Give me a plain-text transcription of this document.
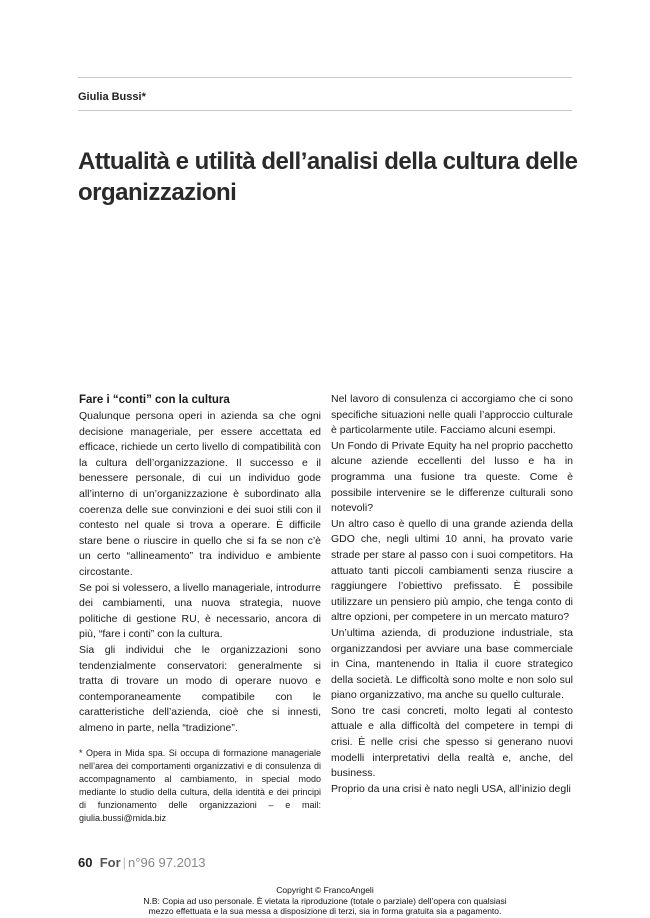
Giulia Bussi*
Attualità e utilità dell’analisi della cultura delle organizzazioni
Fare i “conti” con la cultura

Qualunque persona operi in azienda sa che ogni decisione manageriale, per essere accettata ed efficace, richiede un certo livello di compatibilità con la cultura dell’organizzazione. Il successo e il benessere personale, di cui un individuo gode all’interno di un’organizzazione è subordinato alla coerenza delle sue convinzioni e dei suoi stili con il contesto nel quale si trova a operare. È difficile stare bene o riuscire in quello che si fa se non c’è un certo “allineamento” tra individuo e ambiente circostante.

Se poi si volessero, a livello manageriale, introdurre dei cambiamenti, una nuova strategia, nuove politiche di gestione RU, è necessario, ancora di più, “fare i conti” con la cultura.

Sia gli individui che le organizzazioni sono tendenzialmente conservatori: generalmente si tratta di trovare un modo di operare nuovo e contemporaneamente compatibile con le caratteristiche dell’azienda, cioè che si innesti, almeno in parte, nella “tradizione”.

* Opera in Mida spa. Si occupa di formazione manageriale nell’area dei comportamenti organizzativi e di consulenza di accompagnamento al cambiamento, in special modo mediante lo studio della cultura, della identità e dei principi di funzionamento delle organizzazioni – e mail: giulia.bussi@mida.biz

Nel lavoro di consulenza ci accorgiamo che ci sono specifiche situazioni nelle quali l’approccio culturale è particolarmente utile. Facciamo alcuni esempi.

Un Fondo di Private Equity ha nel proprio pacchetto alcune aziende eccellenti del lusso e ha in programma una fusione tra queste. Come è possibile intervenire se le differenze culturali sono notevoli?

Un altro caso è quello di una grande azienda della GDO che, negli ultimi 10 anni, ha provato varie strade per stare al passo con i suoi competitors. Ha attuato tanti piccoli cambiamenti senza riuscire a raggiungere l’obiettivo prefissato. È possibile utilizzare un pensiero più ampio, che tenga conto di altre opzioni, per competere in un mercato maturo?

Un’ultima azienda, di produzione industriale, sta organizzandosi per avviare una base commerciale in Cina, mantenendo in Italia il cuore strategico della società. Le difficoltà sono molte e non solo sul piano organizzativo, ma anche su quello culturale.

Sono tre casi concreti, molto legati al contesto attuale e alla difficoltà del competere in tempi di crisi. È nelle crisi che spesso si generano nuovi modelli interpretativi della realtà e, anche, del business.

Proprio da una crisi è nato negli USA, all’inizio degli

60 For | n°96 97.2013
Copyright © FrancoAngeli
N.B: Copia ad uso personale. È vietata la riproduzione (totale o parziale) dell’opera con qualsiasi
mezzo effettuata e la sua messa a disposizione di terzi, sia in forma gratuita sia a pagamento.
